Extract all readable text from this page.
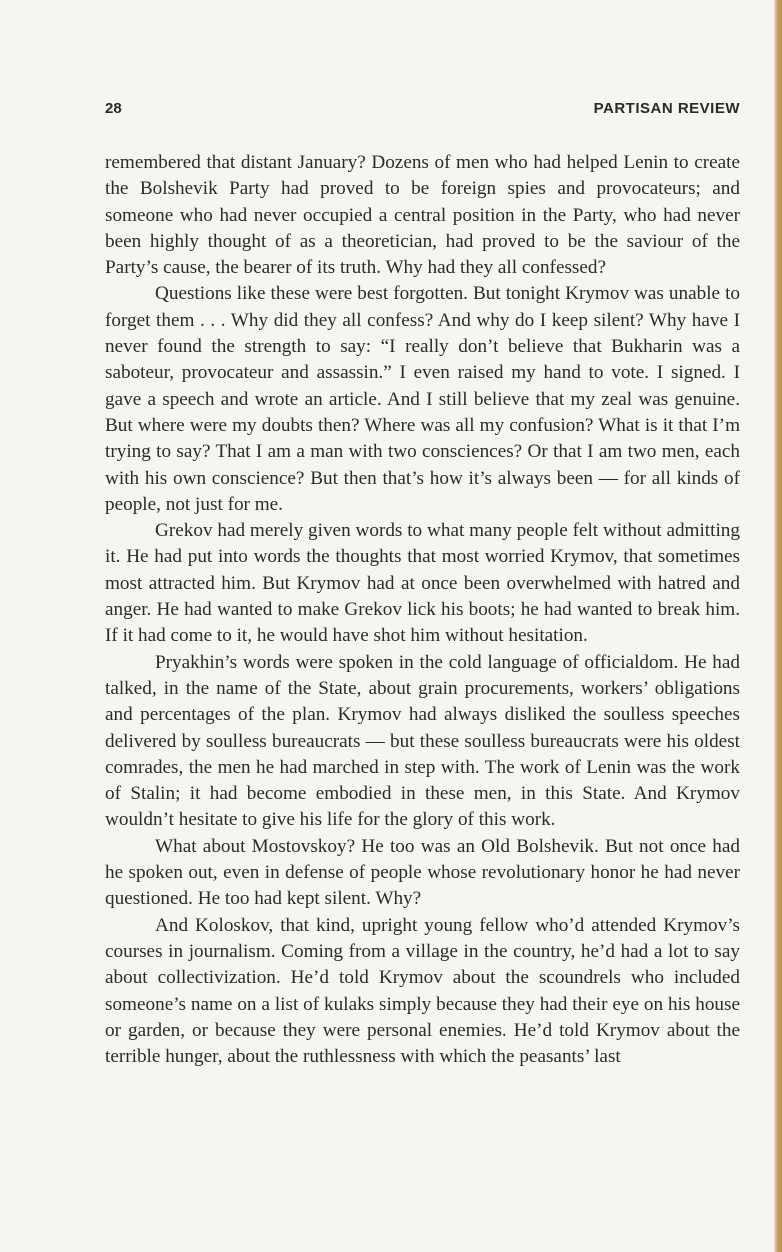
28	PARTISAN REVIEW

remembered that distant January? Dozens of men who had helped Lenin to create the Bolshevik Party had proved to be foreign spies and provocateurs; and someone who had never occupied a central position in the Party, who had never been highly thought of as a theoretician, had proved to be the saviour of the Party’s cause, the bearer of its truth. Why had they all confessed?

Questions like these were best forgotten. But tonight Krymov was unable to forget them . . . Why did they all confess? And why do I keep silent? Why have I never found the strength to say: “I really don’t believe that Bukharin was a saboteur, provocateur and assassin.” I even raised my hand to vote. I signed. I gave a speech and wrote an article. And I still believe that my zeal was genuine. But where were my doubts then? Where was all my confusion? What is it that I’m trying to say? That I am a man with two consciences? Or that I am two men, each with his own conscience? But then that’s how it’s always been — for all kinds of people, not just for me.

Grekov had merely given words to what many people felt without admitting it. He had put into words the thoughts that most worried Krymov, that sometimes most attracted him. But Krymov had at once been overwhelmed with hatred and anger. He had wanted to make Grekov lick his boots; he had wanted to break him. If it had come to it, he would have shot him without hesitation.

Pryakhin’s words were spoken in the cold language of officialdom. He had talked, in the name of the State, about grain procurements, workers’ obligations and percentages of the plan. Krymov had always disliked the soulless speeches delivered by soulless bureaucrats — but these soulless bureaucrats were his oldest comrades, the men he had marched in step with. The work of Lenin was the work of Stalin; it had become embodied in these men, in this State. And Krymov wouldn’t hesitate to give his life for the glory of this work.

What about Mostovskoy? He too was an Old Bolshevik. But not once had he spoken out, even in defense of people whose revolutionary honor he had never questioned. He too had kept silent. Why?

And Koloskov, that kind, upright young fellow who’d attended Krymov’s courses in journalism. Coming from a village in the country, he’d had a lot to say about collectivization. He’d told Krymov about the scoundrels who included someone’s name on a list of kulaks simply because they had their eye on his house or garden, or because they were personal enemies. He’d told Krymov about the terrible hunger, about the ruthlessness with which the peasants’ last
